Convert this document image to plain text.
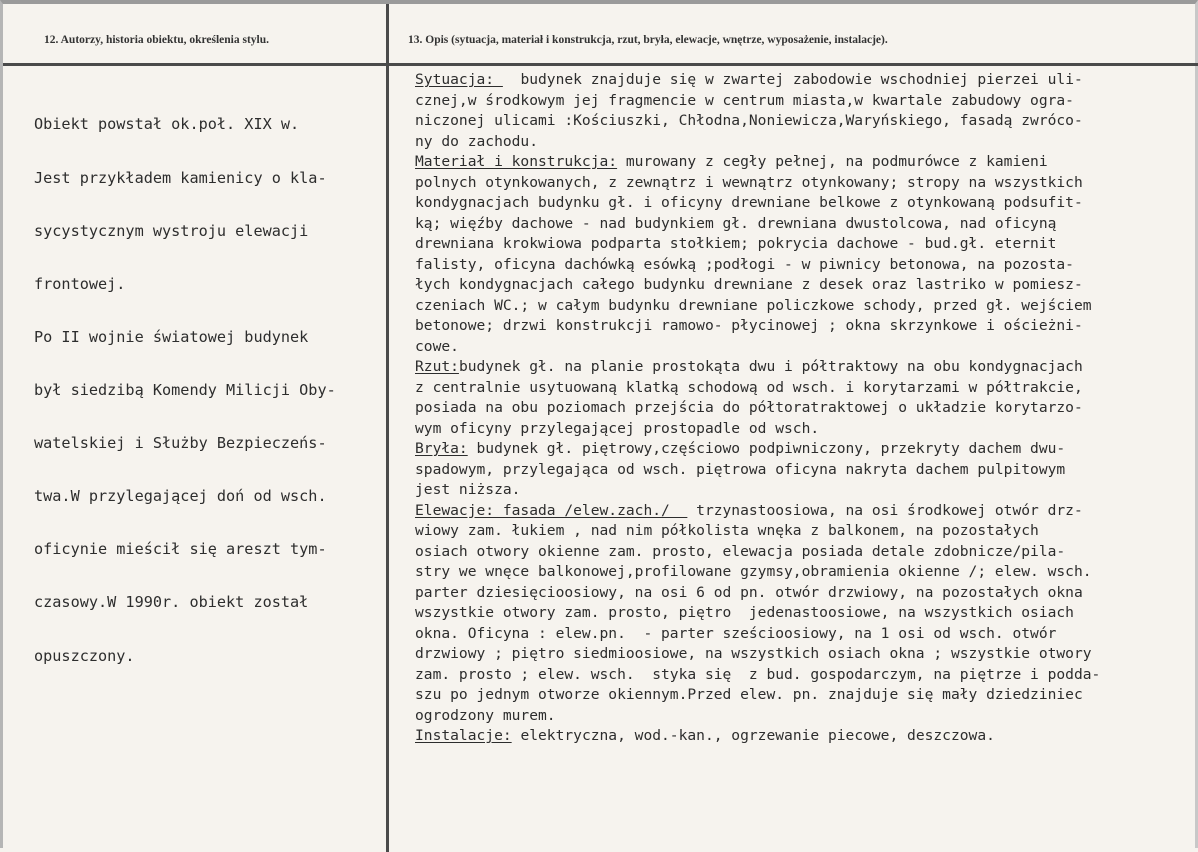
12. Autorzy, historia obiektu, określenia stylu.	13. Opis (sytuacja, materiał i konstrukcja, rzut, bryła, elewacje, wnętrze, wyposażenie, instalacje).

Obiekt powstał ok.poł. XIX w.

Jest przykładem kamienicy o kla-

sycystycznym wystroju elewacji

frontowej.

Po II wojnie światowej budynek

był siedzibą Komendy Milicji Oby-

watelskiej i Służby Bezpieczeńs-

twa.W przylegającej doń od wsch.

oficynie mieścił się areszt tym-

czasowy.W 1990r. obiekt został

opuszczony.

Sytuacja:   budynek znajduje się w zwartej zabodowie wschodniej pierzei uli-
cznej,w środkowym jej fragmencie w centrum miasta,w kwartale zabudowy ogra-
niczonej ulicami :Kościuszki, Chłodna,Noniewicza,Waryńskiego, fasadą zwróco-
ny do zachodu.
Materiał i konstrukcja: murowany z cegły pełnej, na podmurówce z kamieni
polnych otynkowanych, z zewnątrz i wewnątrz otynkowany; stropy na wszystkich
kondygnacjach budynku gł. i oficyny drewniane belkowe z otynkowaną podsufit-
ką; więźby dachowe - nad budynkiem gł. drewniana dwustolcowa, nad oficyną
drewniana krokwiowa podparta stołkiem; pokrycia dachowe - bud.gł. eternit
falisty, oficyna dachówką esówką ;podłogi - w piwnicy betonowa, na pozosta-
łych kondygnacjach całego budynku drewniane z desek oraz lastriko w pomiesz-
czeniach WC.; w całym budynku drewniane policzkowe schody, przed gł. wejściem
betonowe; drzwi konstrukcji ramowo- płycinowej ; okna skrzynkowe i ościeżni-
cowe.
Rzut:budynek gł. na planie prostokąta dwu i półtraktowy na obu kondygnacjach
z centralnie usytuowaną klatką schodową od wsch. i korytarzami w półtrakcie,
posiada na obu poziomach przejścia do półtoratraktowej o układzie korytarzo-
wym oficyny przylegającej prostopadle od wsch.
Bryła: budynek gł. piętrowy,częściowo podpiwniczony, przekryty dachem dwu-
spadowym, przylegająca od wsch. piętrowa oficyna nakryta dachem pulpitowym
jest niższa.
Elewacje: fasada /elew.zach./   trzynastoosiowa, na osi środkowej otwór drz-
wiowy zam. łukiem , nad nim półkolista wnęka z balkonem, na pozostałych
osiach otwory okienne zam. prosto, elewacja posiada detale zdobnicze/pila-
stry we wnęce balkonowej,profilowane gzymsy,obramienia okienne /; elew. wsch.
parter dziesięcioosiowy, na osi 6 od pn. otwór drzwiowy, na pozostałych okna
wszystkie otwory zam. prosto, piętro  jedenastoosiowe, na wszystkich osiach
okna. Oficyna : elew.pn.  - parter sześcioosiowy, na 1 osi od wsch. otwór
drzwiowy ; piętro siedmioosiowe, na wszystkich osiach okna ; wszystkie otwory
zam. prosto ; elew. wsch.  styka się  z bud. gospodarczym, na piętrze i podda-
szu po jednym otworze okiennym.Przed elew. pn. znajduje się mały dziedziniec
ogrodzony murem.
Instalacje: elektryczna, wod.-kan., ogrzewanie piecowe, deszczowa.
